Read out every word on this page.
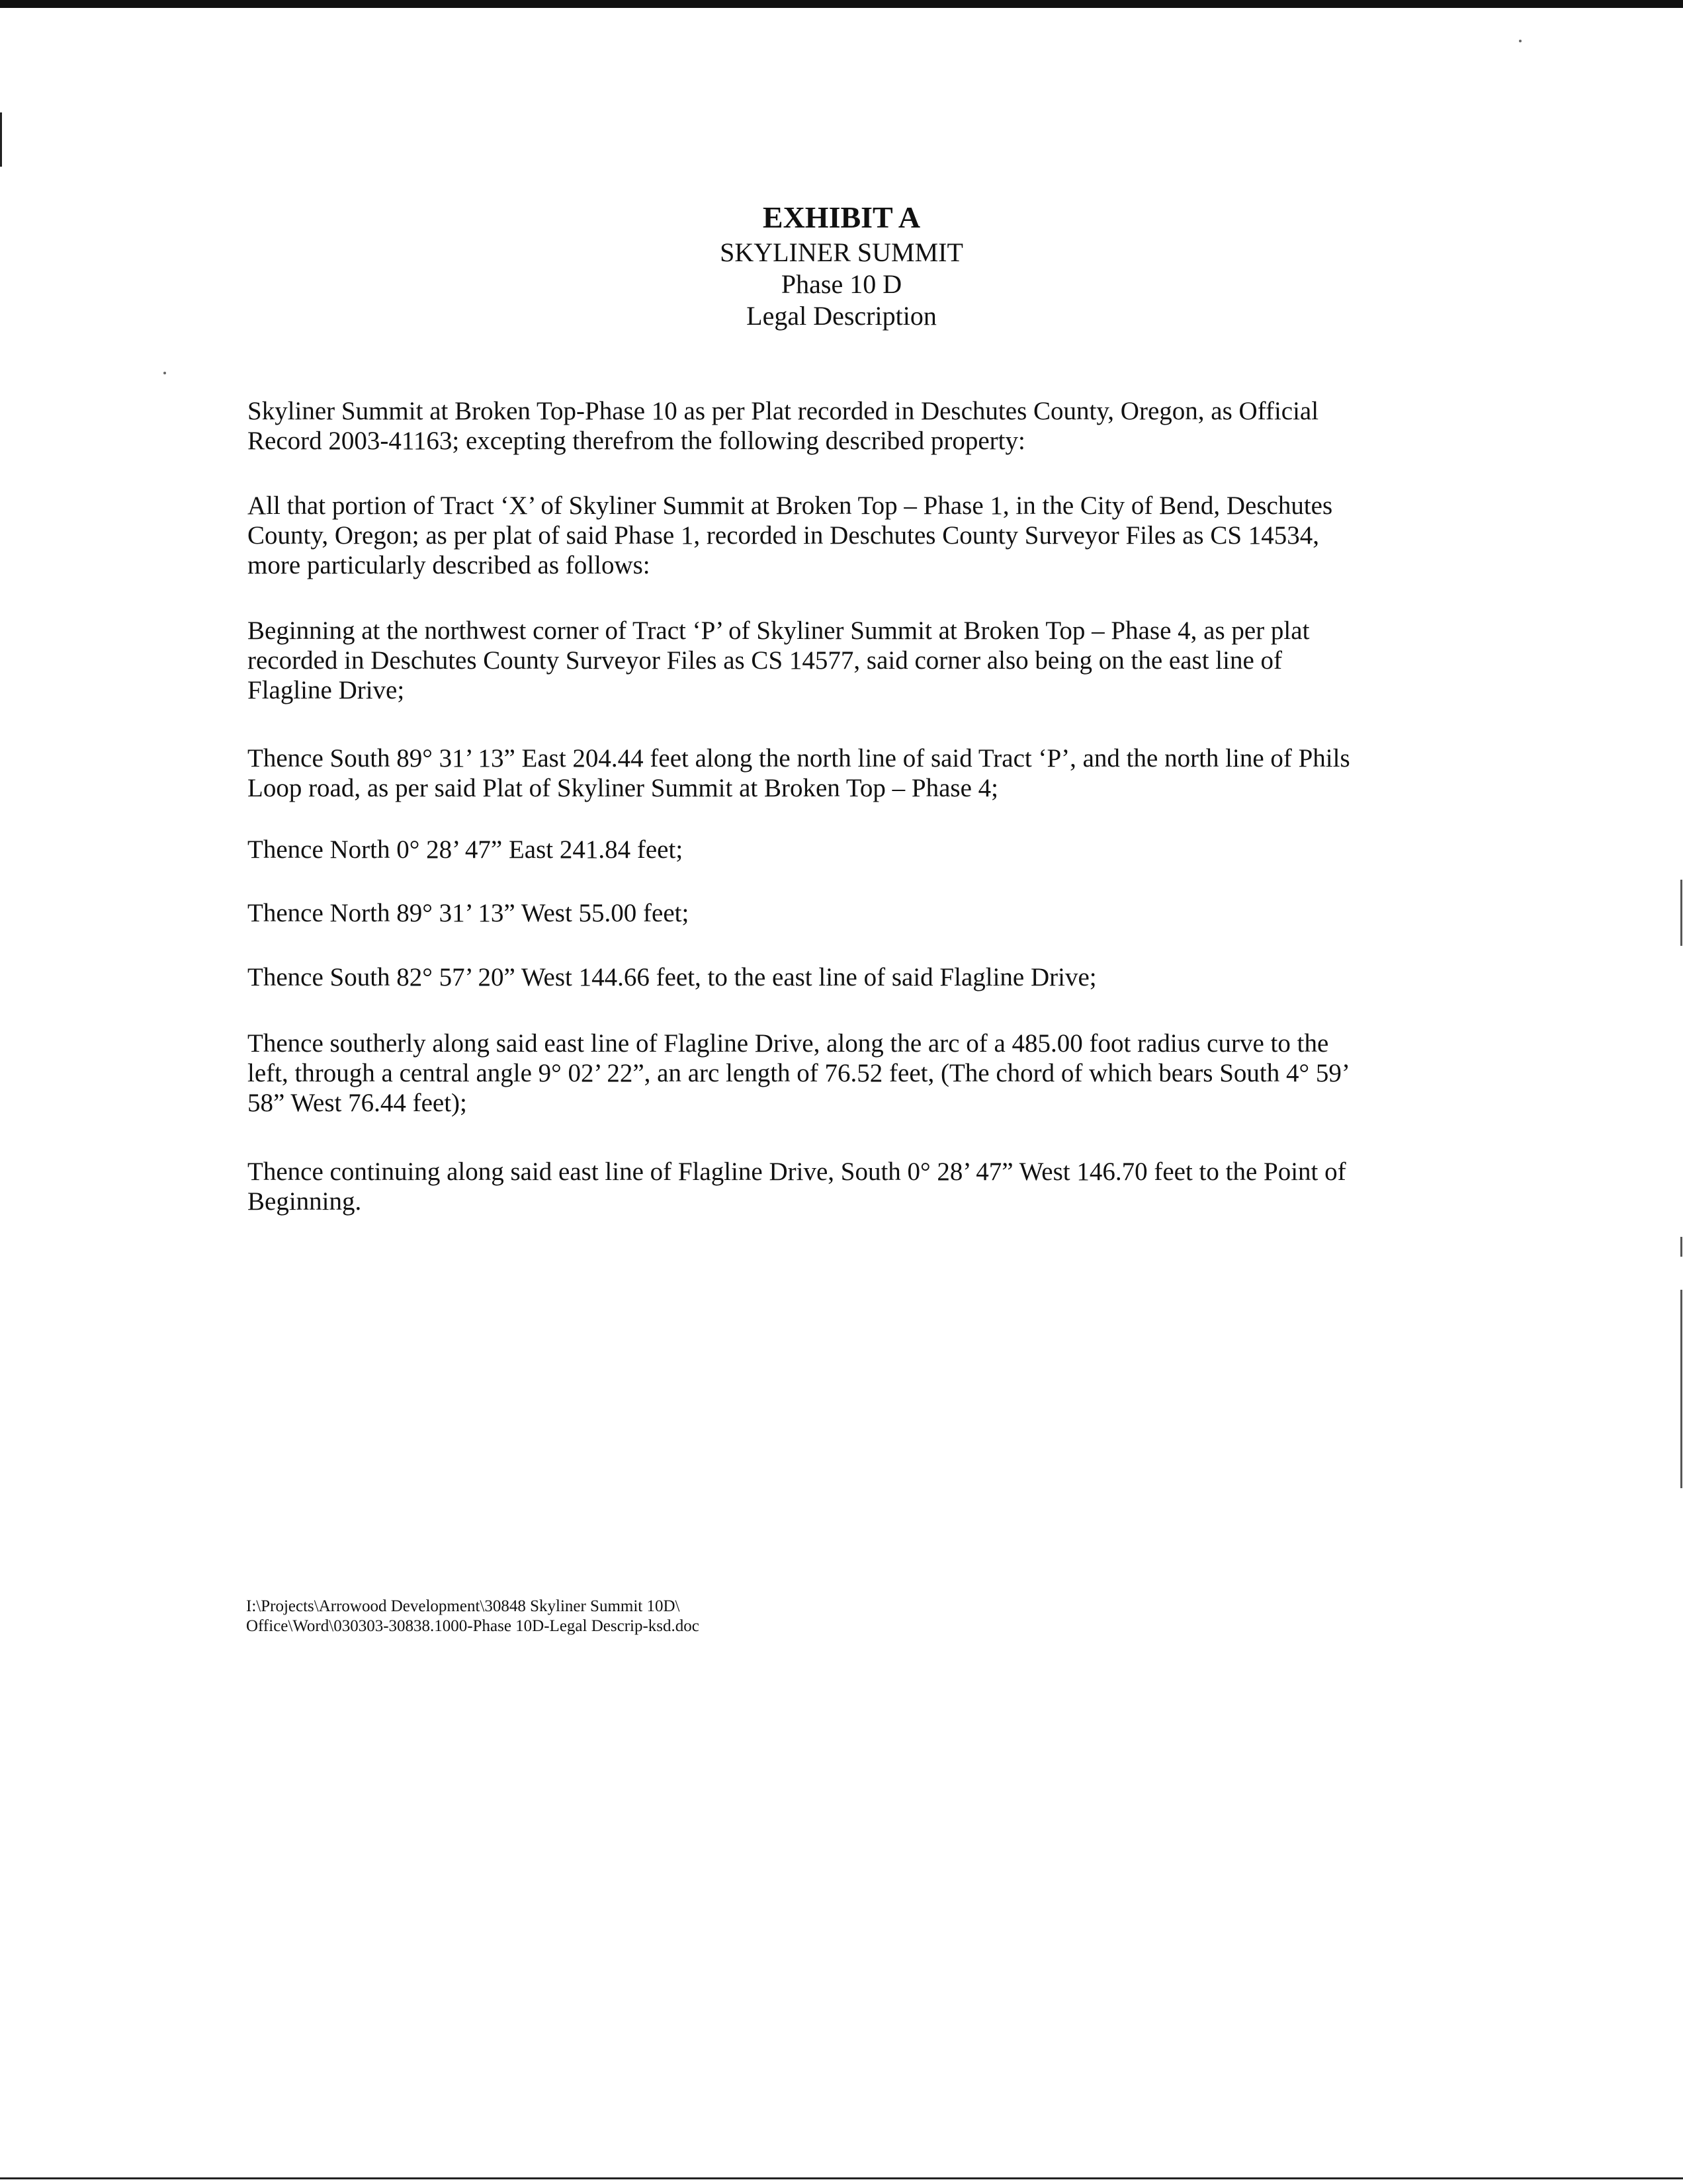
EXHIBIT A
SKYLINER SUMMIT
Phase 10 D
Legal Description
Skyliner Summit at Broken Top-Phase 10 as per Plat recorded in Deschutes County, Oregon, as Official
Record 2003-41163; excepting therefrom the following described property:
All that portion of Tract ‘X’ of Skyliner Summit at Broken Top – Phase 1, in the City of Bend, Deschutes
County, Oregon; as per plat of said Phase 1, recorded in Deschutes County Surveyor Files as CS 14534,
more particularly described as follows:
Beginning at the northwest corner of Tract ‘P’ of Skyliner Summit at Broken Top – Phase 4, as per plat
recorded in Deschutes County Surveyor Files as CS 14577, said corner also being on the east line of
Flagline Drive;
Thence South 89° 31’ 13” East 204.44 feet along the north line of said Tract ‘P’, and the north line of Phils
Loop road, as per said Plat of Skyliner Summit at Broken Top – Phase 4;
Thence North 0° 28’ 47” East 241.84 feet;
Thence North 89° 31’ 13” West 55.00 feet;
Thence South 82° 57’ 20” West 144.66 feet, to the east line of said Flagline Drive;
Thence southerly along said east line of Flagline Drive, along the arc of a 485.00 foot radius curve to the
left, through a central angle 9° 02’ 22”, an arc length of 76.52 feet, (The chord of which bears South 4° 59’
58” West 76.44 feet);
Thence continuing along said east line of Flagline Drive, South 0° 28’ 47” West 146.70 feet to the Point of
Beginning.
I:\Projects\Arrowood Development\30848 Skyliner Summit 10D\
Office\Word\030303-30838.1000-Phase 10D-Legal Descrip-ksd.doc
